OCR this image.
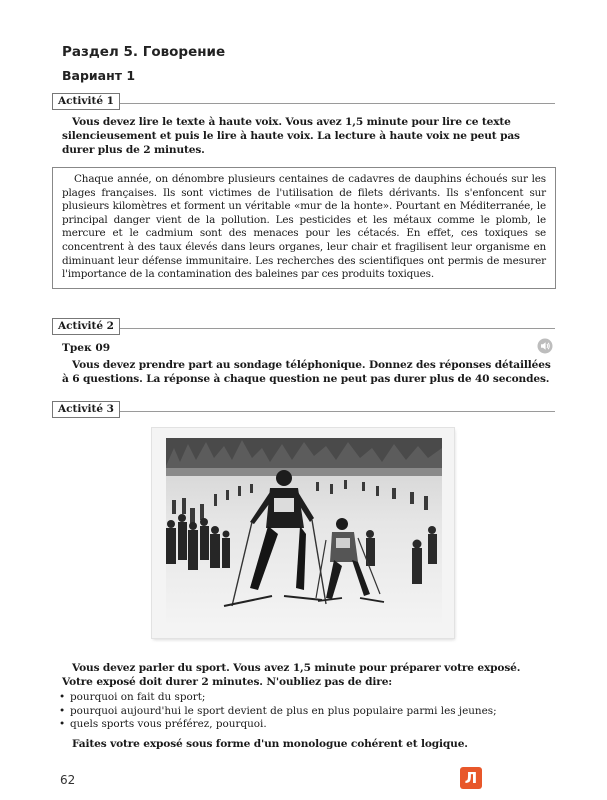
Раздел 5. Говорение
Вариант 1
Activité 1
Vous devez lire le texte à haute voix. Vous avez 1,5 minute pour lire ce texte silencieusement et puis le lire à haute voix. La lecture à haute voix ne peut pas durer plus de 2 minutes.
Chaque année, on dénombre plusieurs centaines de cadavres de dauphins échoués sur les plages françaises. Ils sont victimes de l'utilisation de filets dérivants. Ils s'enfoncent sur plusieurs kilomètres et forment un véritable «mur de la honte». Pourtant en Méditerranée, le principal danger vient de la pollution. Les pesticides et les métaux comme le plomb, le mercure et le cadmium sont des menaces pour les cétacés. En effet, ces toxiques se concentrent à des taux élevés dans leurs organes, leur chair et fragilisent leur organisme en diminuant leur défense immunitaire. Les recherches des scientifiques ont permis de mesurer l'importance de la contamination des baleines par ces produits toxiques.
Activité 2
Трек 09
Vous devez prendre part au sondage téléphonique. Donnez des réponses détaillées à 6 questions. La réponse à chaque question ne peut pas durer plus de 40 secondes.
Activité 3
Vous devez parler du sport. Vous avez 1,5 minute pour préparer votre exposé. Votre exposé doit durer 2 minutes. N'oubliez pas de dire:
• pourquoi on fait du sport;
• pourquoi aujourd'hui le sport devient de plus en plus populaire parmi les jeunes;
• quels sports vous préférez, pourquoi.
Faites votre exposé sous forme d'un monologue cohérent et logique.
62	Л
